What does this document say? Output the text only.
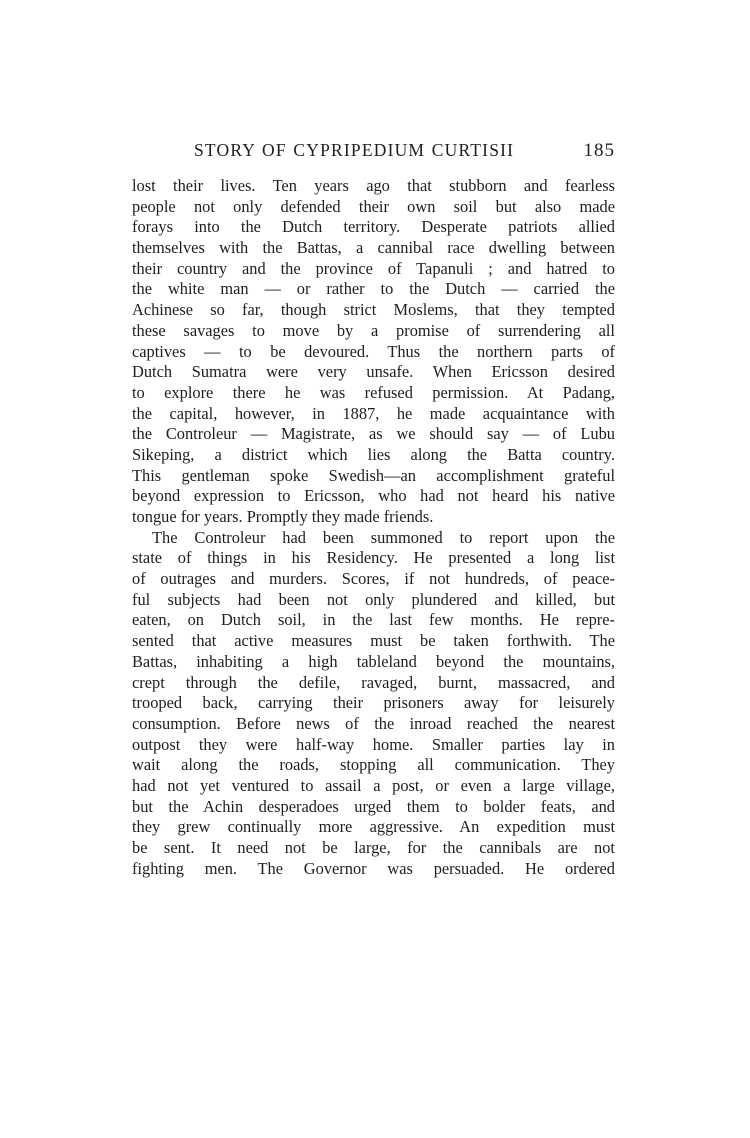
STORY OF CYPRIPEDIUM CURTISII	185
lost their lives. Ten years ago that stubborn and fearless
people not only defended their own soil but also made
forays into the Dutch territory. Desperate patriots allied
themselves with the Battas, a cannibal race dwelling between
their country and the province of Tapanuli ; and hatred to
the white man — or rather to the Dutch — carried the
Achinese so far, though strict Moslems, that they tempted
these savages to move by a promise of surrendering all
captives — to be devoured. Thus the northern parts of
Dutch Sumatra were very unsafe. When Ericsson desired
to explore there he was refused permission. At Padang,
the capital, however, in 1887, he made acquaintance with
the Controleur — Magistrate, as we should say — of Lubu
Sikeping, a district which lies along the Batta country.
This gentleman spoke Swedish—an accomplishment grateful
beyond expression to Ericsson, who had not heard his native
tongue for years. Promptly they made friends.
The Controleur had been summoned to report upon the
state of things in his Residency. He presented a long list
of outrages and murders. Scores, if not hundreds, of peace-
ful subjects had been not only plundered and killed, but
eaten, on Dutch soil, in the last few months. He repre-
sented that active measures must be taken forthwith. The
Battas, inhabiting a high tableland beyond the mountains,
crept through the defile, ravaged, burnt, massacred, and
trooped back, carrying their prisoners away for leisurely
consumption. Before news of the inroad reached the nearest
outpost they were half-way home. Smaller parties lay in
wait along the roads, stopping all communication. They
had not yet ventured to assail a post, or even a large village,
but the Achin desperadoes urged them to bolder feats, and
they grew continually more aggressive. An expedition must
be sent. It need not be large, for the cannibals are not
fighting men. The Governor was persuaded. He ordered
